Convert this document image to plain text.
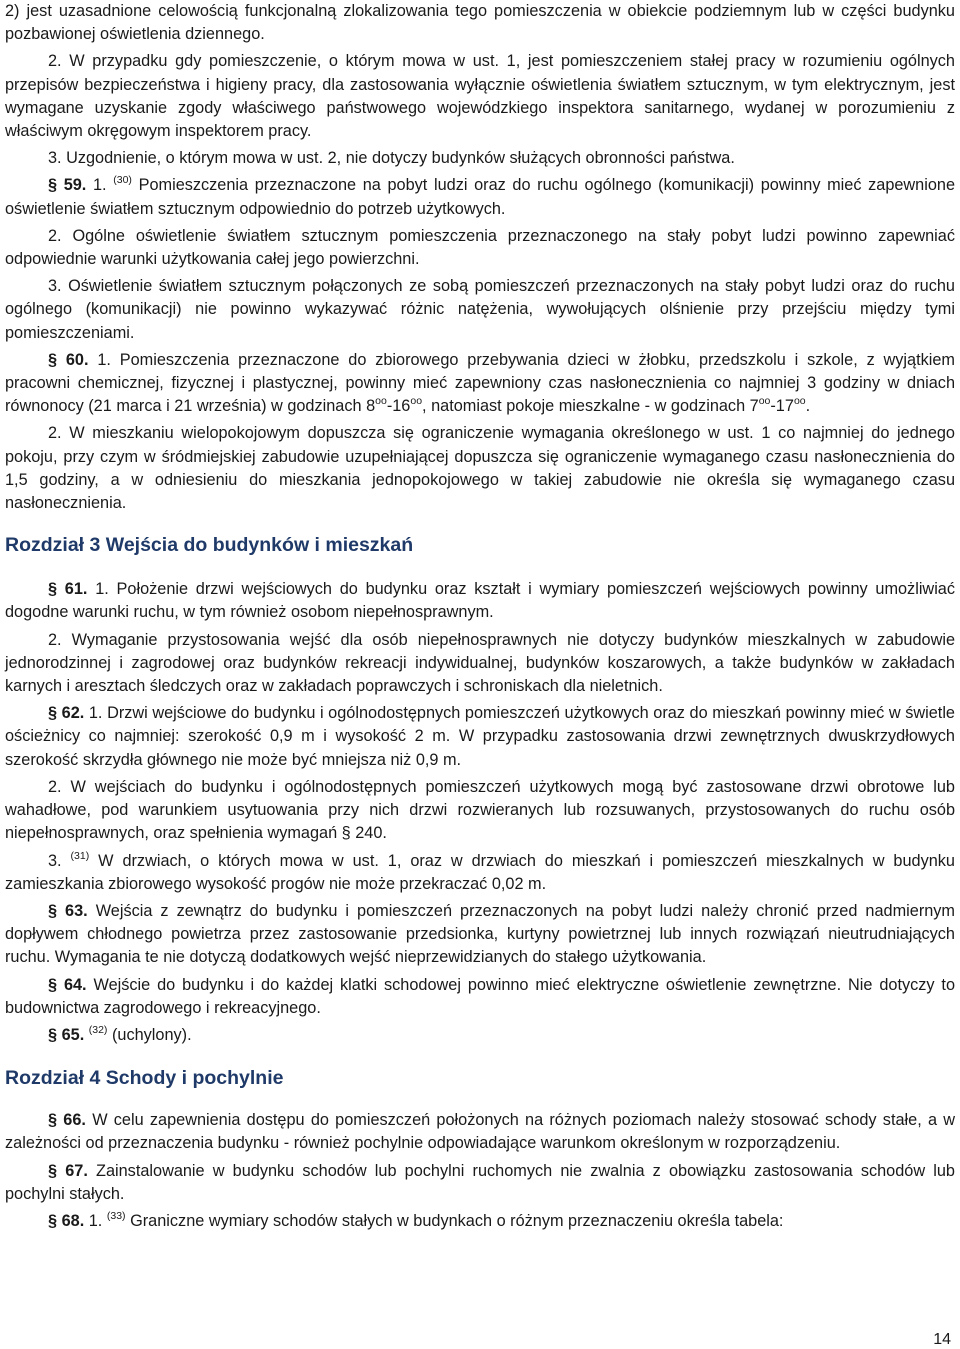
2) jest uzasadnione celowością funkcjonalną zlokalizowania tego pomieszczenia w obiekcie podziemnym lub w części budynku pozbawionej oświetlenia dziennego.

2. W przypadku gdy pomieszczenie, o którym mowa w ust. 1, jest pomieszczeniem stałej pracy w rozumieniu ogólnych przepisów bezpieczeństwa i higieny pracy, dla zastosowania wyłącznie oświetlenia światłem sztucznym, w tym elektrycznym, jest wymagane uzyskanie zgody właściwego państwowego wojewódzkiego inspektora sanitarnego, wydanej w porozumieniu z właściwym okręgowym inspektorem pracy.

3. Uzgodnienie, o którym mowa w ust. 2, nie dotyczy budynków służących obronności państwa.

§ 59. 1. $^{(30)}$ Pomieszczenia przeznaczone na pobyt ludzi oraz do ruchu ogólnego (komunikacji) powinny mieć zapewnione oświetlenie światłem sztucznym odpowiednio do potrzeb użytkowych.

2. Ogólne oświetlenie światłem sztucznym pomieszczenia przeznaczonego na stały pobyt ludzi powinno zapewniać odpowiednie warunki użytkowania całej jego powierzchni.

3. Oświetlenie światłem sztucznym połączonych ze sobą pomieszczeń przeznaczonych na stały pobyt ludzi oraz do ruchu ogólnego (komunikacji) nie powinno wykazywać różnic natężenia, wywołujących olśnienie przy przejściu między tymi pomieszczeniami.

§ 60. 1. Pomieszczenia przeznaczone do zbiorowego przebywania dzieci w żłobku, przedszkolu i szkole, z wyjątkiem pracowni chemicznej, fizycznej i plastycznej, powinny mieć zapewniony czas nasłonecznienia co najmniej 3 godziny w dniach równonocy (21 marca i 21 września) w godzinach $8^{oo}-16^{oo}$, natomiast pokoje mieszkalne - w godzinach $7^{oo}-17^{oo}$.

2. W mieszkaniu wielopokojowym dopuszcza się ograniczenie wymagania określonego w ust. 1 co najmniej do jednego pokoju, przy czym w śródmiejskiej zabudowie uzupełniającej dopuszcza się ograniczenie wymaganego czasu nasłonecznienia do 1,5 godziny, a w odniesieniu do mieszkania jednopokojowego w takiej zabudowie nie określa się wymaganego czasu nasłonecznienia.

Rozdział 3 Wejścia do budynków i mieszkań

§ 61. 1. Położenie drzwi wejściowych do budynku oraz kształt i wymiary pomieszczeń wejściowych powinny umożliwiać dogodne warunki ruchu, w tym również osobom niepełnosprawnym.

2. Wymaganie przystosowania wejść dla osób niepełnosprawnych nie dotyczy budynków mieszkalnych w zabudowie jednorodzinnej i zagrodowej oraz budynków rekreacji indywidualnej, budynków koszarowych, a także budynków w zakładach karnych i aresztach śledczych oraz w zakładach poprawczych i schroniskach dla nieletnich.

§ 62. 1. Drzwi wejściowe do budynku i ogólnodostępnych pomieszczeń użytkowych oraz do mieszkań powinny mieć w świetle ościeżnicy co najmniej: szerokość 0,9 m i wysokość 2 m. W przypadku zastosowania drzwi zewnętrznych dwuskrzydłowych szerokość skrzydła głównego nie może być mniejsza niż 0,9 m.

2. W wejściach do budynku i ogólnodostępnych pomieszczeń użytkowych mogą być zastosowane drzwi obrotowe lub wahadłowe, pod warunkiem usytuowania przy nich drzwi rozwieranych lub rozsuwanych, przystosowanych do ruchu osób niepełnosprawnych, oraz spełnienia wymagań § 240.

3. $^{(31)}$ W drzwiach, o których mowa w ust. 1, oraz w drzwiach do mieszkań i pomieszczeń mieszkalnych w budynku zamieszkania zbiorowego wysokość progów nie może przekraczać 0,02 m.

§ 63. Wejścia z zewnątrz do budynku i pomieszczeń przeznaczonych na pobyt ludzi należy chronić przed nadmiernym dopływem chłodnego powietrza przez zastosowanie przedsionka, kurtyny powietrznej lub innych rozwiązań nieutrudniających ruchu. Wymagania te nie dotyczą dodatkowych wejść nieprzewidzianych do stałego użytkowania.

§ 64. Wejście do budynku i do każdej klatki schodowej powinno mieć elektryczne oświetlenie zewnętrzne. Nie dotyczy to budownictwa zagrodowego i rekreacyjnego.

§ 65. $^{(32)}$ (uchylony).

Rozdział 4 Schody i pochylnie

§ 66. W celu zapewnienia dostępu do pomieszczeń położonych na różnych poziomach należy stosować schody stałe, a w zależności od przeznaczenia budynku - również pochylnie odpowiadające warunkom określonym w rozporządzeniu.

§ 67. Zainstalowanie w budynku schodów lub pochylni ruchomych nie zwalnia z obowiązku zastosowania schodów lub pochylni stałych.

§ 68. 1. $^{(33)}$ Graniczne wymiary schodów stałych w budynkach o różnym przeznaczeniu określa tabela:

14
